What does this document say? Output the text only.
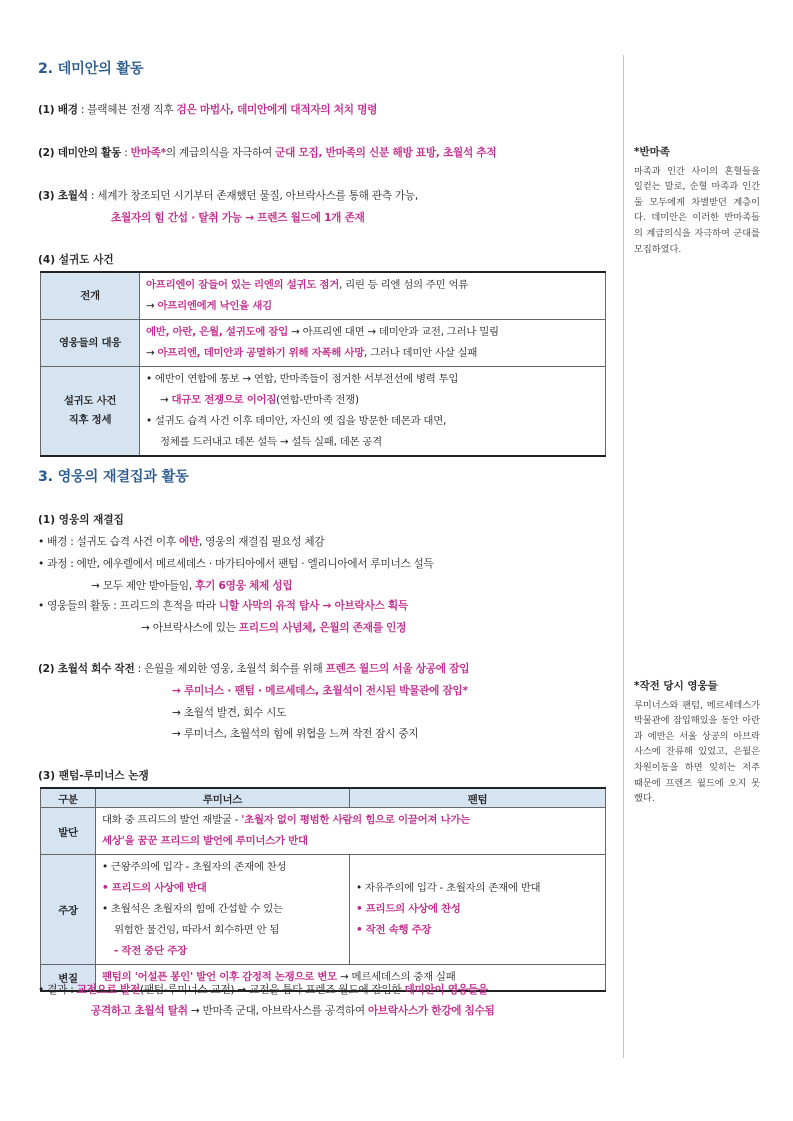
2. 데미안의 활동
(1) 배경 : 블랙헤븐 전쟁 직후 검은 마법사, 데미안에게 대적자의 처치 명령
(2) 데미안의 활동 : 반마족*의 계급의식을 자극하여 군대 모집, 반마족의 신분 해방 표방, 초월석 추적
(3) 초월석 : 세계가 창조되던 시기부터 존재했던 물질, 아브락사스를 통해 관측 가능,
초월자의 힘 간섭 · 탈취 가능 → 프렌즈 월드에 1개 존재
(4) 설귀도 사건
전개	아프리엔이 잠들어 있는 리엔의 설귀도 점거, 리린 등 리엔 섬의 주민 억류
→ 아프리엔에게 낙인을 새김
영웅들의 대응	에반, 아란, 은월, 설귀도에 잠입 → 아프리엔 대면 → 데미안과 교전, 그러나 밀림
→ 아프리엔, 데미안과 공멸하기 위해 자폭해 사망, 그러나 데미안 사살 실패
설귀도 사건
직후 정세	• 에반이 연합에 통보 → 연합, 반마족들이 점거한 서부전선에 병력 투입
→ 대규모 전쟁으로 이어짐(연합-반마족 전쟁)
• 설귀도 습격 사건 이후 데미안, 자신의 옛 집을 방문한 데몬과 대면,
정체를 드러내고 데몬 설득 → 설득 실패, 데몬 공격
3. 영웅의 재결집과 활동
(1) 영웅의 재결집
• 배경 : 설귀도 습격 사건 이후 에반, 영웅의 재결집 필요성 체감
• 과정 : 에반, 에우렐에서 메르세데스 · 마가티아에서 팬텀 · 엘리니아에서 루미너스 설득
→ 모두 제안 받아들임, 후기 6영웅 체제 성립
• 영웅들의 활동 : 프리드의 흔적을 따라 니할 사막의 유적 탐사 → 아브락사스 획득
→ 아브락사스에 있는 프리드의 사념체, 은월의 존재를 인정
(2) 초월석 회수 작전 : 은월을 제외한 영웅, 초월석 회수를 위해 프렌즈 월드의 서울 상공에 잠입
→ 루미너스 · 팬텀 · 메르세데스, 초월석이 전시된 박물관에 잠입*
→ 초월석 발견, 회수 시도
→ 루미너스, 초월석의 힘에 위협을 느껴 작전 잠시 중지
(3) 팬텀-루미너스 논쟁
구분	루미너스	팬텀
발단	대화 중 프리드의 발언 재발굴 - '초월자 없이 평범한 사람의 힘으로 이끌어져 나가는
세상'을 꿈꾼 프리드의 발언에 루미너스가 반대	
주장	• 근왕주의에 입각 - 초월자의 존재에 찬성
• 프리드의 사상에 반대
• 초월석은 초월자의 힘에 간섭할 수 있는
위험한 물건임, 따라서 회수하면 안 됨
- 작전 중단 주장	• 자유주의에 입각 - 초월자의 존재에 반대
• 프리드의 사상에 찬성
• 작전 속행 주장
변질	팬텀의 '어설픈 봉인' 발언 이후 감정적 논쟁으로 변모 → 메르세데스의 중재 실패	
• 결과 : 교전으로 발전(팬텀-루미너스 교전) → 교전을 틈타 프렌즈 월드에 잠입한 데미안이 영웅들을
공격하고 초월석 탈취 → 반마족 군대, 아브락사스를 공격하여 아브락사스가 한강에 침수됨
*반마족
마족과 인간 사이의 혼혈들을 일컫는 말로, 순혈 마족과 인간 둘 모두에게 차별받던 계층이다. 데미안은 이러한 반마족들의 계급의식을 자극하여 군대를 모집하였다.
*작전 당시 영웅들
루미너스와 팬텀, 메르세데스가 박물관에 잠입해있을 동안 아란과 에반은 서울 상공의 아브락사스에 잔류해 있었고, 은월은 차원이동을 하면 잊히는 저주 때문에 프렌즈 월드에 오지 못했다.
